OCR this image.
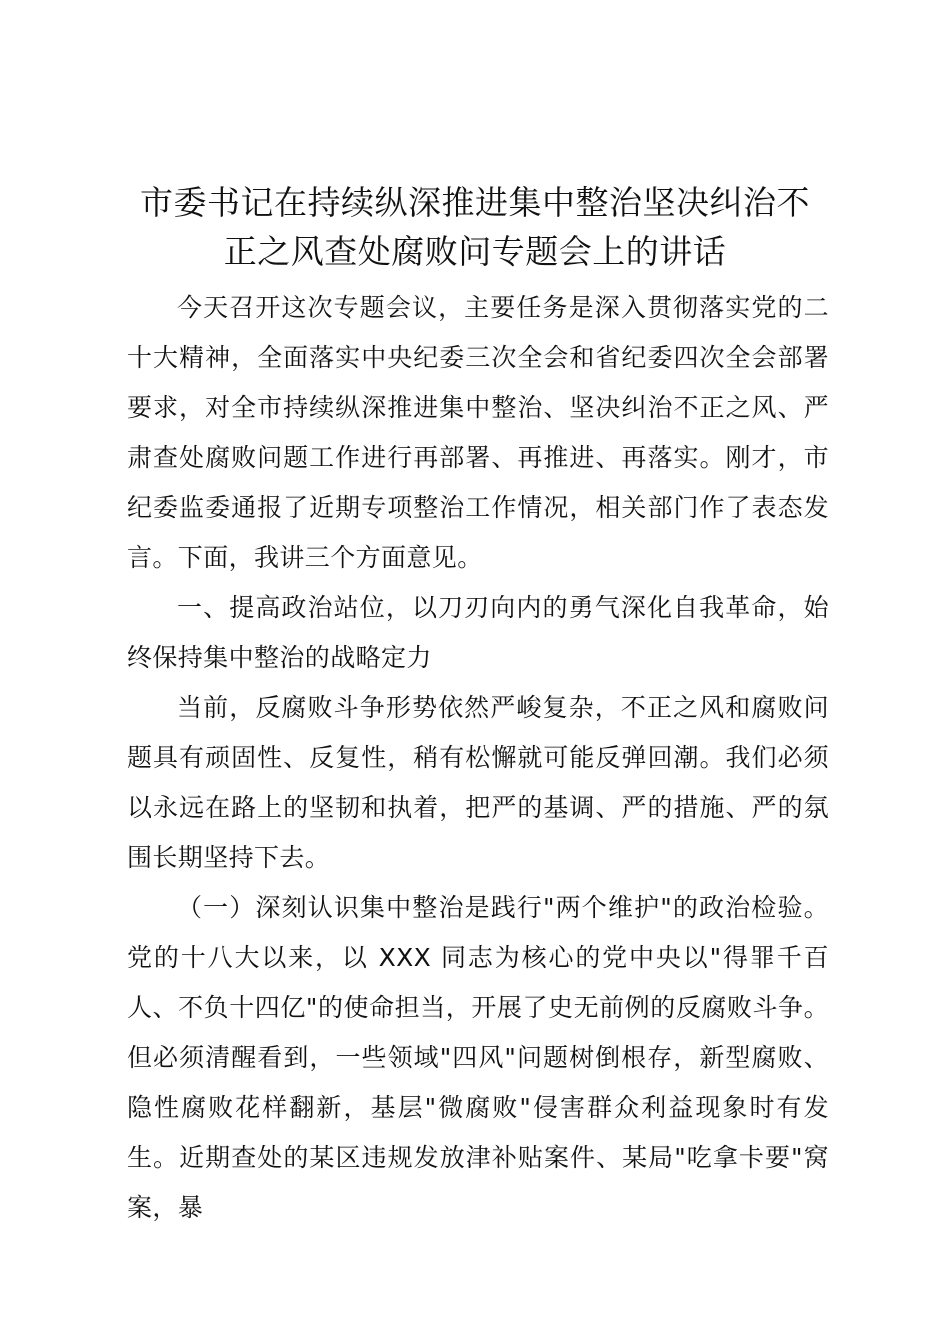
市委书记在持续纵深推进集中整治坚决纠治不
正之风查处腐败问专题会上的讲话

今天召开这次专题会议，主要任务是深入贯彻落实党的二十大精神，全面落实中央纪委三次全会和省纪委四次全会部署要求，对全市持续纵深推进集中整治、坚决纠治不正之风、严肃查处腐败问题工作进行再部署、再推进、再落实。刚才，市纪委监委通报了近期专项整治工作情况，相关部门作了表态发言。下面，我讲三个方面意见。

一、提高政治站位，以刀刃向内的勇气深化自我革命，始终保持集中整治的战略定力

当前，反腐败斗争形势依然严峻复杂，不正之风和腐败问题具有顽固性、反复性，稍有松懈就可能反弹回潮。我们必须以永远在路上的坚韧和执着，把严的基调、严的措施、严的氛围长期坚持下去。

（一）深刻认识集中整治是践行"两个维护"的政治检验。党的十八大以来，以 XXX 同志为核心的党中央以"得罪千百人、不负十四亿"的使命担当，开展了史无前例的反腐败斗争。但必须清醒看到，一些领域"四风"问题树倒根存，新型腐败、隐性腐败花样翻新，基层"微腐败"侵害群众利益现象时有发生。近期查处的某区违规发放津补贴案件、某局"吃拿卡要"窝案，暴
